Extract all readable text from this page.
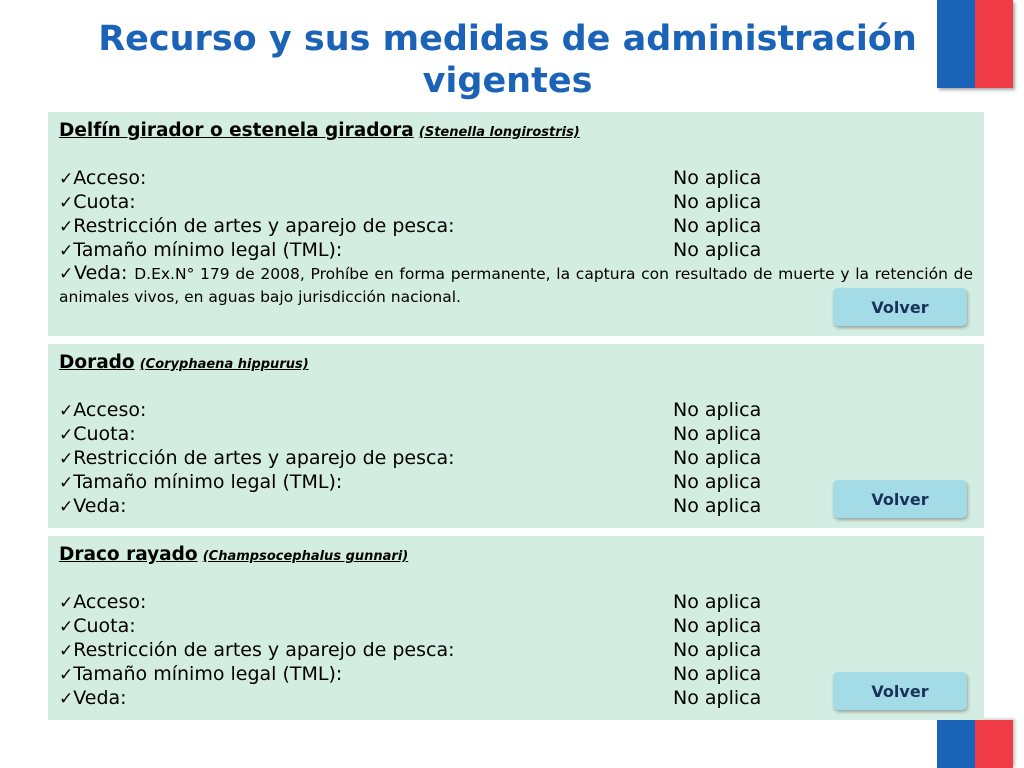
Recurso y sus medidas de administración vigentes
Delfín girador o estenela giradora (Stenella longirostris)
✓Acceso:	No aplica
✓Cuota:	No aplica
✓Restricción de artes y aparejo de pesca:	No aplica
✓Tamaño mínimo legal (TML):	No aplica
✓Veda: D.Ex.N° 179 de 2008, Prohíbe en forma permanente, la captura con resultado de muerte y la retención de animales vivos, en aguas bajo jurisdicción nacional.
Volver
Dorado (Coryphaena hippurus)
✓Acceso:	No aplica
✓Cuota:	No aplica
✓Restricción de artes y aparejo de pesca:	No aplica
✓Tamaño mínimo legal (TML):	No aplica
✓Veda:	No aplica	Volver
Draco rayado (Champsocephalus gunnari)
✓Acceso:	No aplica
✓Cuota:	No aplica
✓Restricción de artes y aparejo de pesca:	No aplica
✓Tamaño mínimo legal (TML):	No aplica
✓Veda:	No aplica	Volver
